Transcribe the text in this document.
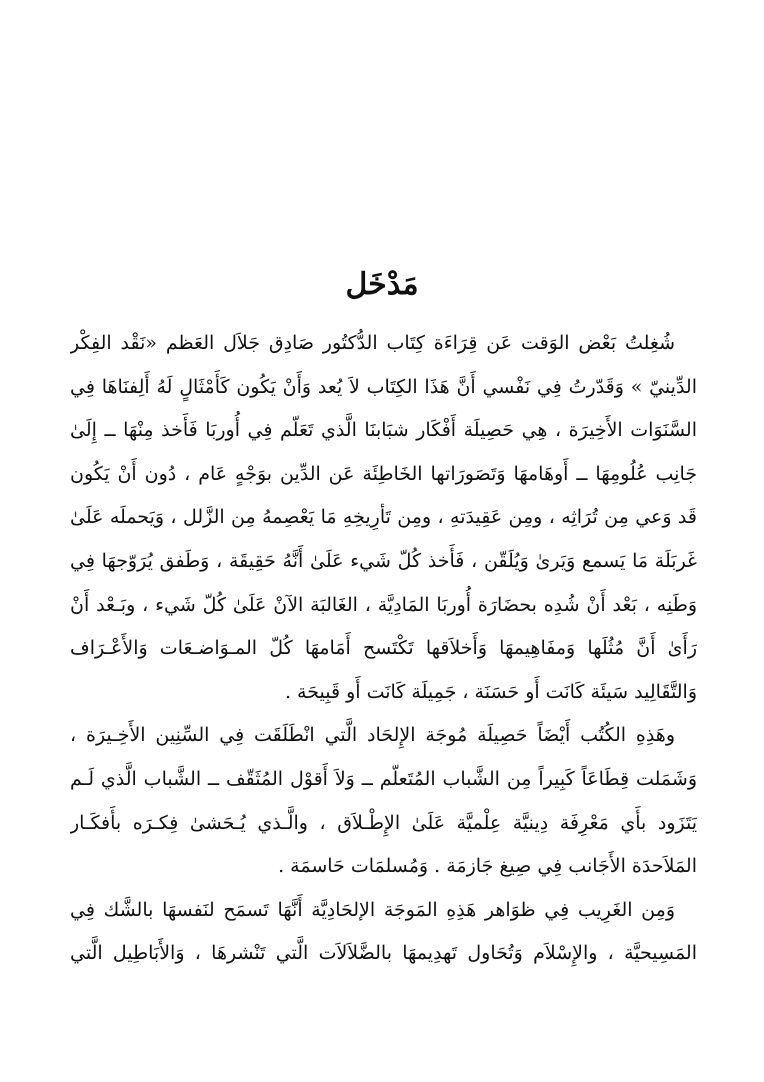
مَدْخَل
شُغِلتُ بَعْض الوَقت عَن قِرَاءَة كِتَاب الدُّكتُور صَادِق جَلاَل العَظم «نَقْد الفِكْر
الدِّينيّ » وَقَدّرتُ فِي نَفْسي أَنَّ هَذَا الكِتَاب لاَ يُعد وَأَنْ يَكُون كَأَمْثَالٍ لَهُ أَلِفنَاهَا فِي
السَّنَوَات الأَخِيرَة ، هِي حَصِيلَة أَفْكَار شبَابنَا الَّذي تَعَلّم فِي أُوربَا فَأَخذ مِنْهَا ــ إِلَىٰ
جَانِب عُلُومِهَا ــ أَوهَامهَا وَتَصَورَاتها الخَاطِئَة عَن الدِّين بوَجْهٍ عَام ، دُون أَنْ يَكُون
قَد وَعي مِن تُرَاثِه ، ومِن عَقِيدَتهِ ، ومِن تَأرِيخِهِ مَا يَعْصِمهُ مِن الزَّلل ، وَيَحملَه عَلَىٰ
غَربَلَة مَا يَسمع وَيَرىٰ وَيُلَقّن ، فَأَخذ كُلّ شَيء عَلَىٰ أَنَّهُ حَقِيقَة ، وَطَفق يُرَوّجهَا فِي
وَطَنِه ، بَعْد أَنْ شُدِه بحضَارَة أُوربَا المَادِيَّة ، الغَالبَة الآنْ عَلَىٰ كُلّ شَيء ، وبَـعْد أَنْ
رَأَىٰ أَنَّ مُثُلَها وَمفَاهِيمهَا وَأَخلاَقها تَكْتَسح أَمَامهَا كُلّ المـوَاضـعَات وَالأَعْـرَاف
وَالتَّقَالِيد سَيئَة كَانَت أَو حَسَنَة ، جَمِيلَة كَانَت أَو قَبِيحَة .
وهَذِهِ الكُتُب أَيْضَاً حَصِيلَة مُوجَة الإِلحَاد الَّتي انْطَلَقَت فِي السِّنِين الأَخِـيرَة ،
وَشَمَلت قِطَاعَاً كَبِيراً مِن الشَّباب المُتَعلّم ــ وَلاَ أَقوْل المُثَقّف ــ الشَّباب الَّذي لَـم
يَتَزَود بأَي مَعْرِفَة دِينيَّة عِلْميَّة عَلَىٰ الإِطْـلاَق ، والَّـذي يُـحَشىٰ فِكـرَه بأَفكَـار
المَلاَحدَة الأَجَانب فِي صِيغ جَازمَة . وَمُسلمَات حَاسمَة .
وَمِن الغَرِيب فِي ظوَاهر هَذِهِ المَوجَة الإلحَادِيَّة أَنَّهَا تَسمَح لنَفسهَا بالشَّك فِي
المَسِيحيَّة ، والإِسْلاَم وَتُحَاول تَهدِيمهَا بالضَّلاَلاَت الَّتي تَنْشرهَا ، وَالأَبَاطِيل الَّتي
